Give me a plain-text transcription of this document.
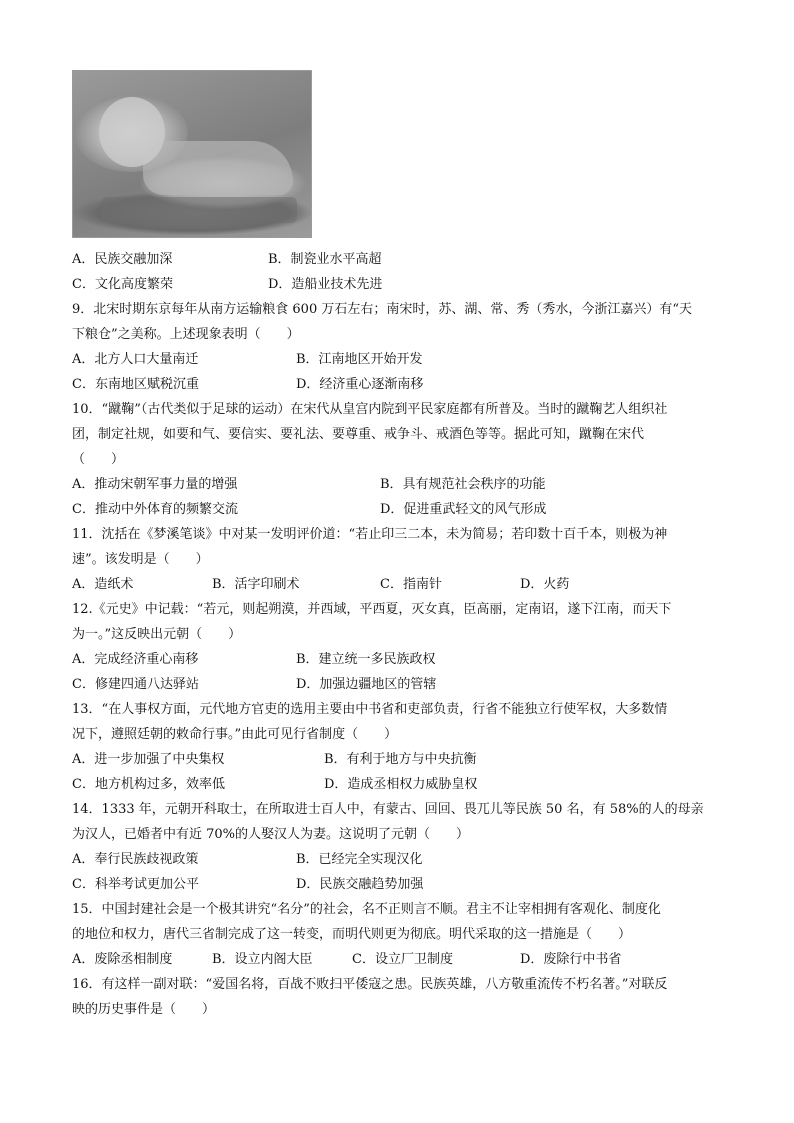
A．民族交融加深	B．制瓷业水平高超
C．文化高度繁荣	D．造船业技术先进
9．北宋时期东京每年从南方运输粮食 600 万石左右；南宋时，苏、湖、常、秀（秀水，今浙江嘉兴）有“天
下粮仓”之美称。上述现象表明（　　）
A．北方人口大量南迁	B．江南地区开始开发
C．东南地区赋税沉重	D．经济重心逐渐南移
10．“蹴鞠”（古代类似于足球的运动）在宋代从皇宫内院到平民家庭都有所普及。当时的蹴鞠艺人组织社
团，制定社规，如要和气、要信实、要礼法、要尊重、戒争斗、戒酒色等等。据此可知，蹴鞠在宋代
（　　）
A．推动宋朝军事力量的增强	B．具有规范社会秩序的功能
C．推动中外体育的频繁交流	D．促进重武轻文的风气形成
11．沈括在《梦溪笔谈》中对某一发明评价道：“若止印三二本，未为简易；若印数十百千本，则极为神
速”。该发明是（　　）
A．造纸术	B．活字印刷术	C．指南针	D．火药
12.《元史》中记载：“若元，则起朔漠，并西域，平西夏，灭女真，臣高丽，定南诏，遂下江南，而天下
为一。”这反映出元朝（　　）
A．完成经济重心南移	B．建立统一多民族政权
C．修建四通八达驿站	D．加强边疆地区的管辖
13．“在人事权方面，元代地方官吏的选用主要由中书省和吏部负责，行省不能独立行使军权，大多数情
况下，遵照廷朝的敕命行事。”由此可见行省制度（　　）
A．进一步加强了中央集权	B．有利于地方与中央抗衡
C．地方机构过多，效率低	D．造成丞相权力威胁皇权
14．1333 年，元朝开科取士，在所取进士百人中，有蒙古、回回、畏兀儿等民族 50 名，有 58%的人的母亲
为汉人，已婚者中有近 70%的人娶汉人为妻。这说明了元朝（　　）
A．奉行民族歧视政策	B．已经完全实现汉化
C．科举考试更加公平	D．民族交融趋势加强
15．中国封建社会是一个极其讲究“名分”的社会，名不正则言不顺。君主不让宰相拥有客观化、制度化
的地位和权力，唐代三省制完成了这一转变，而明代则更为彻底。明代采取的这一措施是（　　）
A．废除丞相制度	B．设立内阁大臣	C．设立厂卫制度	D．废除行中书省
16．有这样一副对联：“爱国名将，百战不败扫平倭寇之患。民族英雄，八方敬重流传不朽名著。”对联反
映的历史事件是（　　）
